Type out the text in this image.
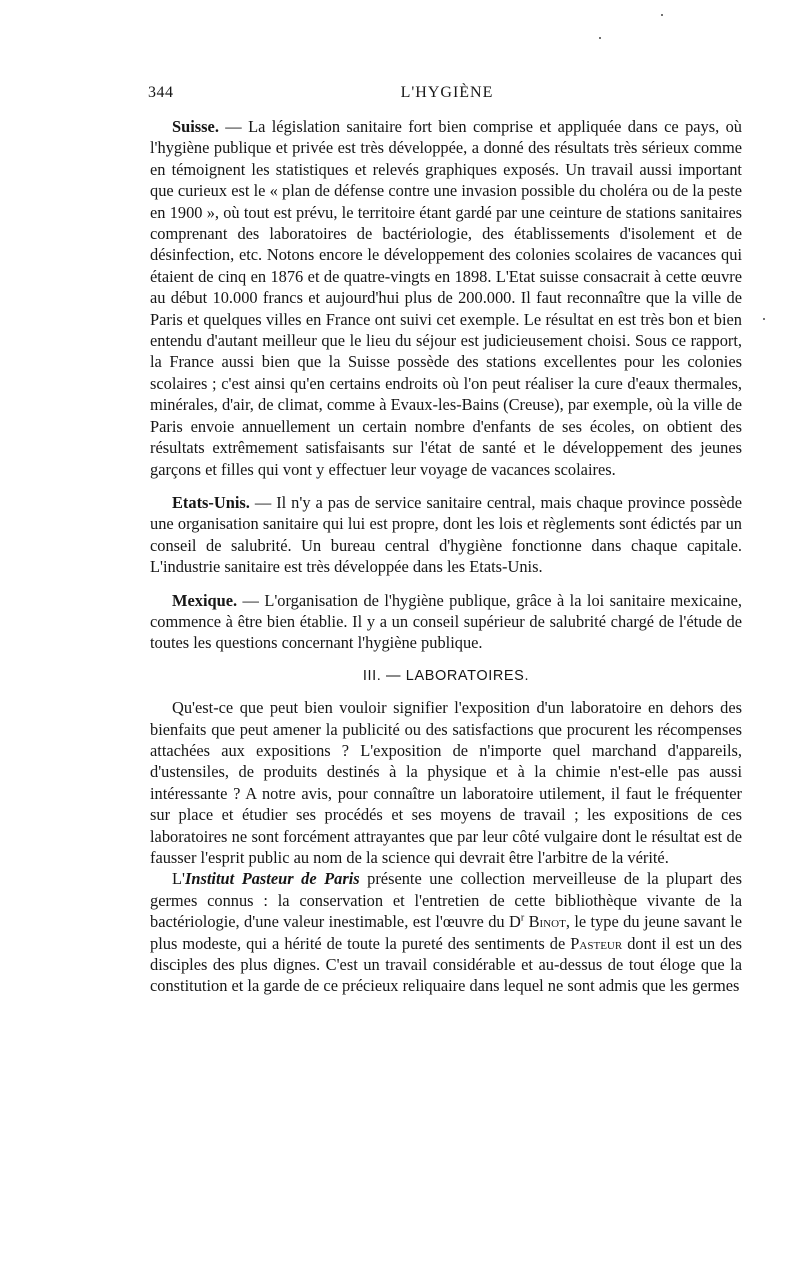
344	L'HYGIÈNE

Suisse. — La législation sanitaire fort bien comprise et appliquée dans ce pays, où l'hygiène publique et privée est très développée, a donné des résultats très sérieux comme en témoignent les statistiques et relevés graphiques exposés. Un travail aussi important que curieux est le « plan de défense contre une invasion possible du choléra ou de la peste en 1900 », où tout est prévu, le territoire étant gardé par une ceinture de stations sanitaires comprenant des laboratoires de bactériologie, des établissements d'isolement et de désinfection, etc. Notons encore le développement des colonies scolaires de vacances qui étaient de cinq en 1876 et de quatre-vingts en 1898. L'Etat suisse consacrait à cette œuvre au début 10.000 francs et aujourd'hui plus de 200.000. Il faut reconnaître que la ville de Paris et quelques villes en France ont suivi cet exemple. Le résultat en est très bon et bien entendu d'autant meilleur que le lieu du séjour est judicieusement choisi. Sous ce rapport, la France aussi bien que la Suisse possède des stations excellentes pour les colonies scolaires ; c'est ainsi qu'en certains endroits où l'on peut réaliser la cure d'eaux thermales, minérales, d'air, de climat, comme à Evaux-les-Bains (Creuse), par exemple, où la ville de Paris envoie annuellement un certain nombre d'enfants de ses écoles, on obtient des résultats extrêmement satisfaisants sur l'état de santé et le développement des jeunes garçons et filles qui vont y effectuer leur voyage de vacances scolaires.

Etats-Unis. — Il n'y a pas de service sanitaire central, mais chaque province possède une organisation sanitaire qui lui est propre, dont les lois et règlements sont édictés par un conseil de salubrité. Un bureau central d'hygiène fonctionne dans chaque capitale. L'industrie sanitaire est très développée dans les Etats-Unis.

Mexique. — L'organisation de l'hygiène publique, grâce à la loi sanitaire mexicaine, commence à être bien établie. Il y a un conseil supérieur de salubrité chargé de l'étude de toutes les questions concernant l'hygiène publique.

III. — LABORATOIRES.

Qu'est-ce que peut bien vouloir signifier l'exposition d'un laboratoire en dehors des bienfaits que peut amener la publicité ou des satisfactions que procurent les récompenses attachées aux expositions ? L'exposition de n'importe quel marchand d'appareils, d'ustensiles, de produits destinés à la physique et à la chimie n'est-elle pas aussi intéressante ? A notre avis, pour connaître un laboratoire utilement, il faut le fréquenter sur place et étudier ses procédés et ses moyens de travail ; les expositions de ces laboratoires ne sont forcément attrayantes que par leur côté vulgaire dont le résultat est de fausser l'esprit public au nom de la science qui devrait être l'arbitre de la vérité.

L'Institut Pasteur de Paris présente une collection merveilleuse de la plupart des germes connus : la conservation et l'entretien de cette bibliothèque vivante de la bactériologie, d'une valeur inestimable, est l'œuvre du $D^r$ Binot, le type du jeune savant le plus modeste, qui a hérité de toute la pureté des sentiments de Pasteur dont il est un des disciples des plus dignes. C'est un travail considérable et au-dessus de tout éloge que la constitution et la garde de ce précieux reliquaire dans lequel ne sont admis que les germes
